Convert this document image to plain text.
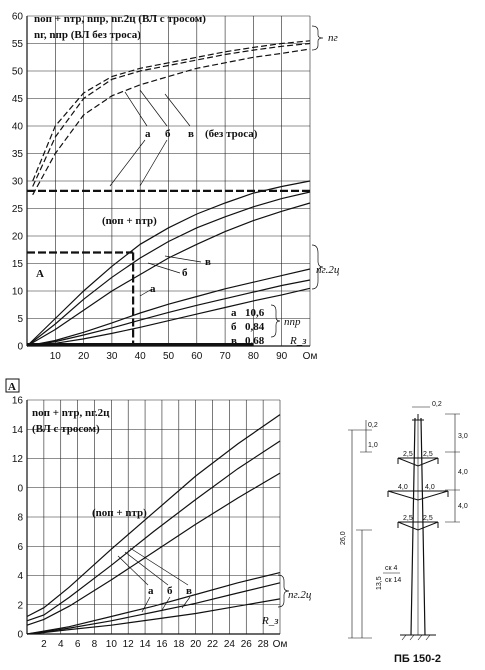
0
5
10
15
20
25
30
35
40
45
50
55
60
10 20 30 40 50 60 70 80 90 Ом
nоп + nтр, nпр, nг.2ц (ВЛ с тросом)
nг, nпр (ВЛ без троса)	nг
nг.2ц
а б в (без троса)
(nоп + nтр)
в
б
а
А
а 10,6
б 0,84
в 0,68
nпр
R_з
А
0
2
4
6
8
0
12
14
16
2 4 6 8 10 12 14 16 18 20 22 24 26 28 Ом
nоп + nтр, nг.2ц
(ВЛ с тросом)
(nоп + nтр)
а б в	nг.2ц
R_з
0,2
0,2
1,0
3,0
4,0
4,0
2,5 2,5
4,0 4,0
2,5 2,5
26,0
13,5
ск 4
ск 14
ПБ 150-2
